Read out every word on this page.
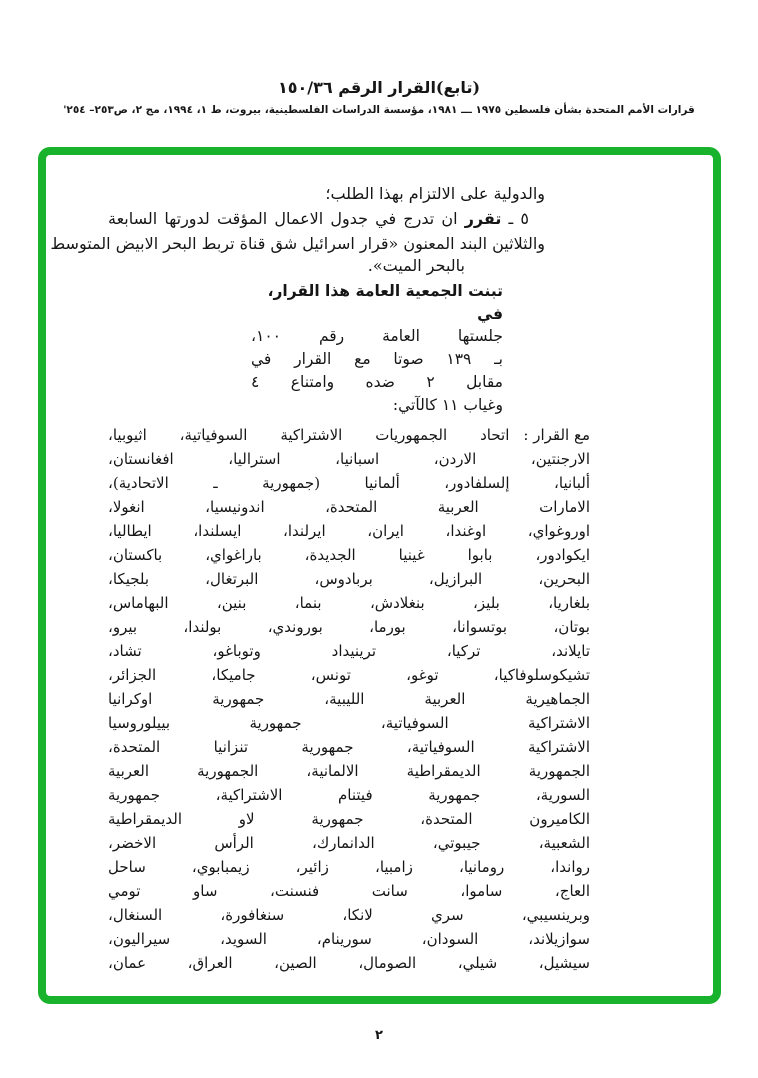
(تابع)القرار الرقم ١٥٠/٣٦
قرارات الأمم المتحدة بشأن فلسطين ١٩٧٥ ـــ ١٩٨١، مؤسسة الدراسات الفلسطينية، بيروت، ط ١، ١٩٩٤، مج ٢، ص٢٥٣– ٢٥٤'
والدولية على الالتزام بهذا الطلب؛
٥ ـ تقرر ان تدرج في جدول الاعمال المؤقت لدورتها السابعة
والثلاثين البند المعنون «قرار اسرائيل شق قناة تربط البحر الابيض المتوسط
بالبحر الميت».
تبنت الجمعية العامة هذا القرار، في
جلستها العامة رقم ١٠٠،
بـ ١٣٩ صوتا مع القرار في
مقابل ٢ ضده وامتناع ٤
وغياب ١١ كالآتي:
مع القرار :
اتحاد الجمهوريات الاشتراكية السوفياتية، اثيوبيا،
الارجنتين، الاردن، اسبانيا، استراليا، افغانستان،
ألبانيا، إلسلفادور، ألمانيا (جمهورية ـ الاتحادية)،
الامارات العربية المتحدة، اندونيسيا، انغولا،
اوروغواي، اوغندا، ايران، ايرلندا، ايسلندا، ايطاليا،
ايكوادور، بابوا غينيا الجديدة، باراغواي، باكستان،
البحرين، البرازيل، بربادوس، البرتغال، بلجيكا،
بلغاريا، بليز، بنغلادش، بنما، بنين، البهاماس،
بوتان، بوتسوانا، بورما، بوروندي، بولندا، بيرو،
تايلاند، تركيا، ترينيداد وتوباغو، تشاد،
تشيكوسلوفاكيا، توغو، تونس، جاميكا، الجزائر،
الجماهيرية العربية الليبية، جمهورية اوكرانيا
الاشتراكية السوفياتية، جمهورية بييلوروسيا
الاشتراكية السوفياتية، جمهورية تنزانيا المتحدة،
الجمهورية الديمقراطية الالمانية، الجمهورية العربية
السورية، جمهورية فيتنام الاشتراكية، جمهورية
الكاميرون المتحدة، جمهورية لاو الديمقراطية
الشعبية، جيبوتي، الدانمارك، الرأس الاخضر،
رواندا، رومانيا، زامبيا، زائير، زيمبابوي، ساحل
العاج، ساموا، سانت فنسنت، ساو تومي
وبرينسيبي، سري لانكا، سنغافورة، السنغال،
سوازيلاند، السودان، سورينام، السويد، سيراليون،
سيشيل، شيلي، الصومال، الصين، العراق، عمان،
٢
